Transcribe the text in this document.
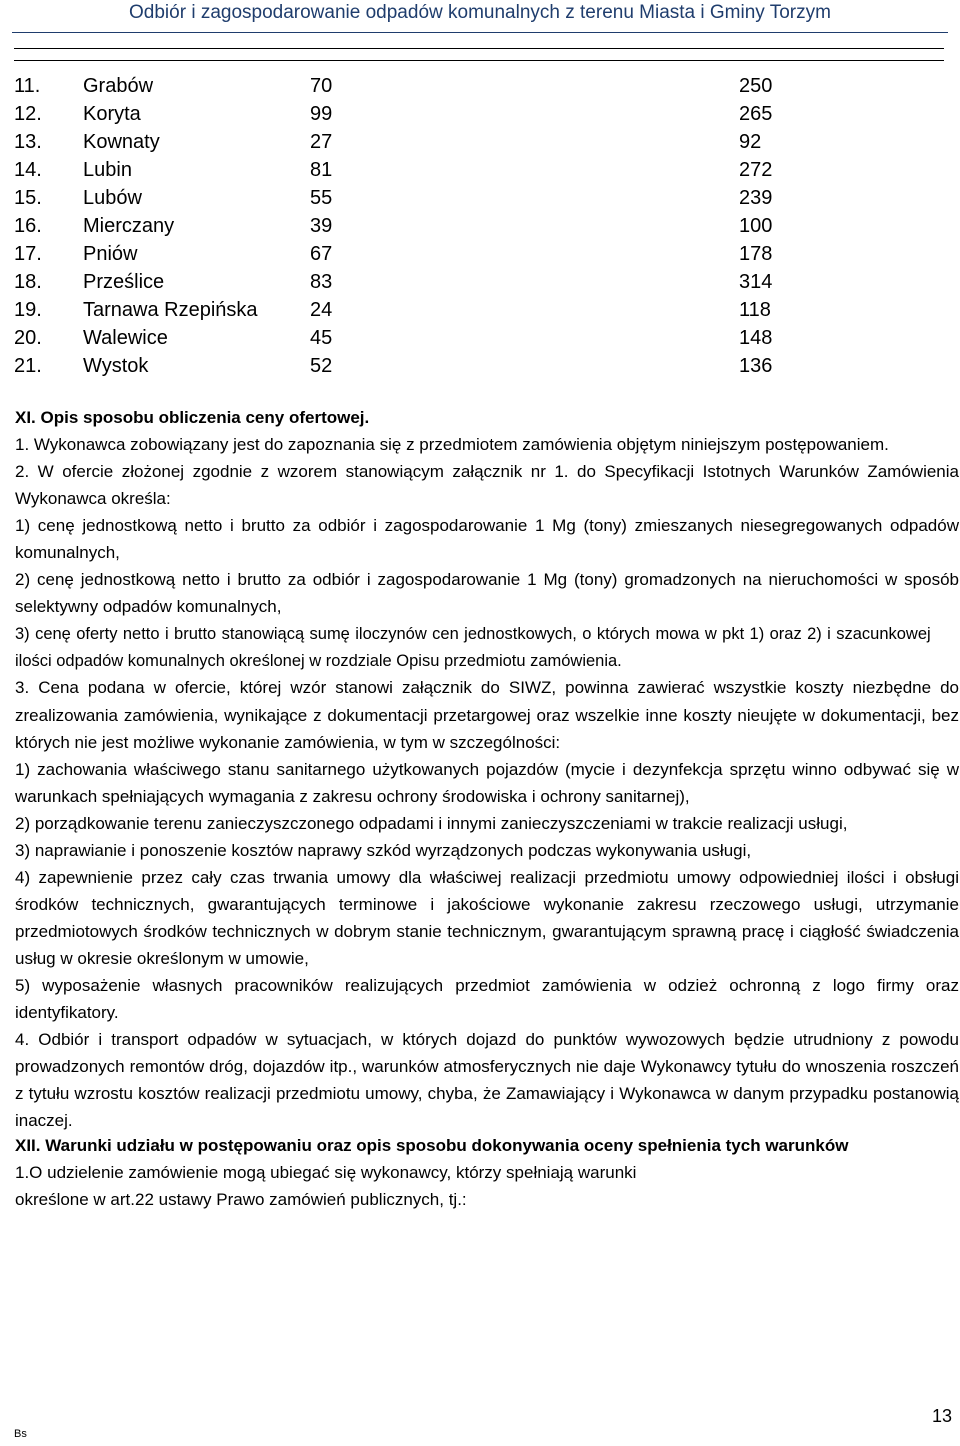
Odbiór i zagospodarowanie odpadów komunalnych z terenu Miasta i Gminy Torzym
11. Grabów	70	250
12. Koryta	99	265
13. Kownaty	27	92
14. Lubin	81	272
15. Lubów	55	239
16. Mierczany	39	100
17. Pniów	67	178
18. Prześlice	83	314
19. Tarnawa Rzepińska	24	118
20. Walewice	45	148
21. Wystok	52	136

XI. Opis sposobu obliczenia ceny ofertowej.

1. Wykonawca zobowiązany jest do zapoznania się z przedmiotem zamówienia objętym niniejszym postępowaniem.

2. W ofercie złożonej zgodnie z wzorem stanowiącym załącznik nr 1. do Specyfikacji Istotnych Warunków Zamówienia Wykonawca określa:

1) cenę jednostkową netto i brutto za odbiór i zagospodarowanie 1 Mg (tony) zmieszanych niesegregowanych odpadów komunalnych,

2) cenę jednostkową netto i brutto za odbiór i zagospodarowanie 1 Mg (tony) gromadzonych na nieruchomości w sposób selektywny odpadów komunalnych,

3) cenę oferty netto i brutto stanowiącą sumę iloczynów cen jednostkowych, o których mowa w pkt 1) oraz 2) i szacunkowej ilości odpadów komunalnych określonej w rozdziale Opisu przedmiotu zamówienia.

3. Cena podana w ofercie, której wzór stanowi załącznik do SIWZ, powinna zawierać wszystkie koszty niezbędne do zrealizowania zamówienia, wynikające z dokumentacji przetargowej oraz wszelkie inne koszty nieujęte w dokumentacji, bez których nie jest możliwe wykonanie zamówienia, w tym w szczególności:

1) zachowania właściwego stanu sanitarnego użytkowanych pojazdów (mycie i dezynfekcja sprzętu winno odbywać się w warunkach spełniających wymagania z zakresu ochrony środowiska i ochrony sanitarnej),

2) porządkowanie terenu zanieczyszczonego odpadami i innymi zanieczyszczeniami w trakcie realizacji usługi,

3) naprawianie i ponoszenie kosztów naprawy szkód wyrządzonych podczas wykonywania usługi,

4) zapewnienie przez cały czas trwania umowy dla właściwej realizacji przedmiotu umowy odpowiedniej ilości i obsługi środków technicznych, gwarantujących terminowe i jakościowe wykonanie zakresu rzeczowego usługi, utrzymanie przedmiotowych środków technicznych w dobrym stanie technicznym, gwarantującym sprawną pracę i ciągłość świadczenia usług w okresie określonym w umowie,

5) wyposażenie własnych pracowników realizujących przedmiot zamówienia w odzież ochronną z logo firmy oraz identyfikatory.

4. Odbiór i transport odpadów w sytuacjach, w których dojazd do punktów wywozowych będzie utrudniony z powodu prowadzonych remontów dróg, dojazdów itp., warunków atmosferycznych nie daje Wykonawcy tytułu do wnoszenia roszczeń z tytułu wzrostu kosztów realizacji przedmiotu umowy, chyba, że Zamawiający i Wykonawca w danym przypadku postanowią inaczej.

XII. Warunki udziału w postępowaniu oraz opis sposobu dokonywania oceny spełnienia tych warunków

1.O udzielenie zamówienie mogą ubiegać się wykonawcy, którzy spełniają warunki

określone w art.22 ustawy Prawo zamówień publicznych, tj.:

Bs
13
